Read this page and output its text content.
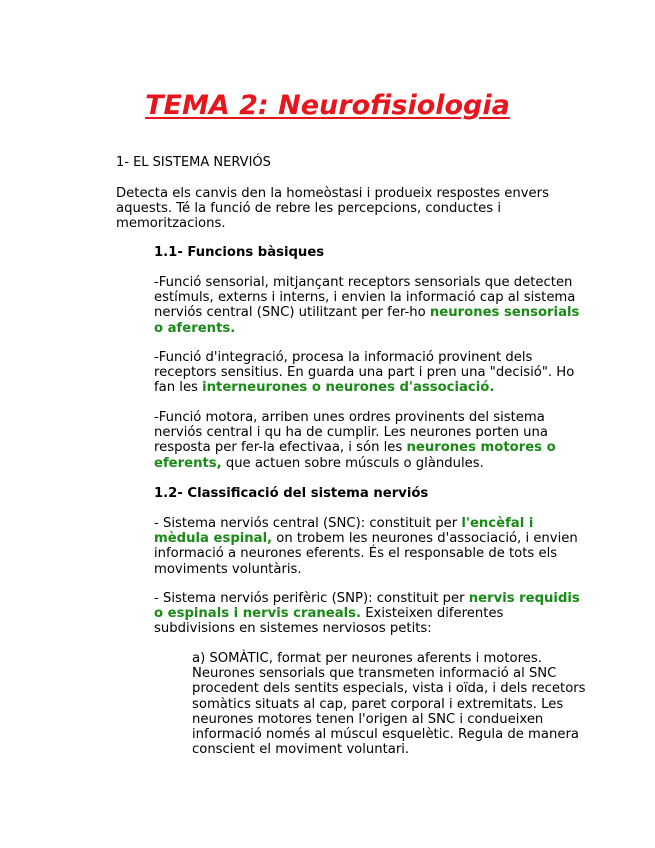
TEMA 2: Neurofisiologia
1- EL SISTEMA NERVIÓS

Detecta els canvis den la homeòstasi i produeix respostes envers aquests. Té la funció de rebre les percepcions, conductes i memoritzacions.

1.1- Funcions bàsiques

-Funció sensorial, mitjançant receptors sensorials que detecten estímuls, externs i interns, i envien la informació cap al sistema nerviós central (SNC) utilitzant per fer-ho neurones sensorials o aferents.

-Funció d'integració, procesa la informació provinent dels receptors sensitius. En guarda una part i pren una "decisió". Ho fan les interneurones o neurones d'associació.

-Funció motora, arriben unes ordres provinents del sistema nerviós central i qu ha de cumplir. Les neurones porten una resposta per fer-la efectivaa, i són les neurones motores o eferents, que actuen sobre músculs o glàndules.

1.2- Classificació del sistema nerviós

- Sistema nerviós central (SNC): constituit per l'encèfal i mèdula espinal, on trobem les neurones d'associació, i envien informació a neurones eferents. És el responsable de tots els moviments voluntàris.

- Sistema nerviós perifèric (SNP): constituit per nervis requidis o espinals i nervis craneals. Existeixen diferentes subdivisions en sistemes nerviosos petits:

a) SOMÀTIC, format per neurones aferents i motores. Neurones sensorials que transmeten informació al SNC procedent dels sentits especials, vista i oïda, i dels recetors somàtics situats al cap, paret corporal i extremitats. Les neurones motores tenen l'origen al SNC i condueixen informació només al múscul esquelètic. Regula de manera conscient el moviment voluntari.
